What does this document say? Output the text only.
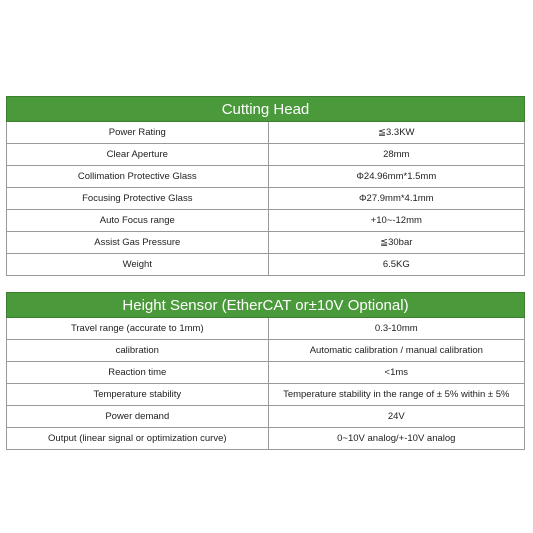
Cutting Head	
Power Rating	≦3.3KW
Clear Aperture	28mm
Collimation Protective Glass	Φ24.96mm*1.5mm
Focusing Protective Glass	Φ27.9mm*4.1mm
Auto Focus range	+10~-12mm
Assist Gas Pressure	≦30bar
Weight	6.5KG
Height Sensor (EtherCAT or±10V Optional)	
Travel range (accurate to 1mm)	0.3-10mm
calibration	Automatic calibration / manual calibration
Reaction time	<1ms
Temperature stability	Temperature stability in the range of ± 5% within ± 5%
Power demand	24V
Output (linear signal or optimization curve)	0~10V analog/+-10V analog
